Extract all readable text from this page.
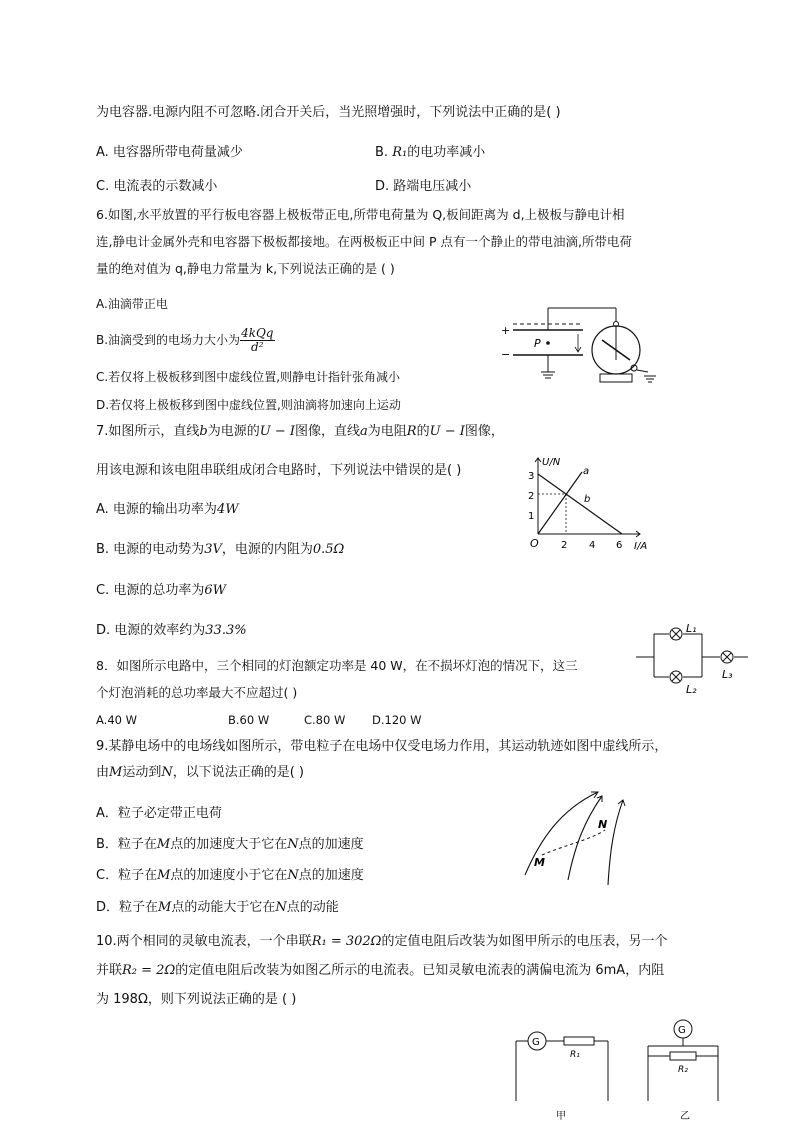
为电容器.电源内阻不可忽略.闭合开关后，当光照增强时，下列说法中正确的是( )
A. 电容器所带电荷量减少	B. R₁的电功率减小
C. 电流表的示数减小	D. 路端电压减小
6.如图,水平放置的平行板电容器上极板带正电,所带电荷量为 Q,板间距离为 d,上极板与静电计相
连,静电计金属外壳和电容器下极板都接地。在两极板正中间 P 点有一个静止的带电油滴,所带电荷
量的绝对值为 q,静电力常量为 k,下列说法正确的是 ( )
A.油滴带正电
B.油滴受到的电场力大小为 $\frac{\text{4kQq}}{\text{d²}}$
C.若仅将上极板移到图中虚线位置,则静电计指针张角减小
D.若仅将上极板移到图中虚线位置,则油滴将加速向上运动
+
−
P
7.如图所示，直线b为电源的U − I图像，直线a为电阻R的U − I图像，
用该电源和该电阻串联组成闭合电路时，下列说法中错误的是( )
A. 电源的输出功率为4W
B. 电源的电动势为3V，电源的内阻为0.5Ω
C. 电源的总功率为6W
D. 电源的效率约为33.3%
U/N
I/A
O 2 4 6
1
2
3	a
b
8．如图所示电路中，三个相同的灯泡额定功率是 40 W，在不损坏灯泡的情况下，这三
个灯泡消耗的总功率最大不应超过( )
A.40 W	B.60 W	C.80 W D.120 W
L₁
L₂
L₃
9.某静电场中的电场线如图所示，带电粒子在电场中仅受电场力作用，其运动轨迹如图中虚线所示，
由M运动到N，以下说法正确的是( )
A．粒子必定带正电荷
B．粒子在M点的加速度大于它在N点的加速度
C．粒子在M点的加速度小于它在N点的加速度
D．粒子在M点的动能大于它在N点的动能
M
N
10.两个相同的灵敏电流表，一个串联R₁ = 302Ω的定值电阻后改装为如图甲所示的电压表，另一个
并联R₂ = 2Ω的定值电阻后改装为如图乙所示的电流表。已知灵敏电流表的满偏电流为 6mA，内阻
为 198Ω，则下列说法正确的是 ( )
G
R₁
甲
G
R₂
乙
